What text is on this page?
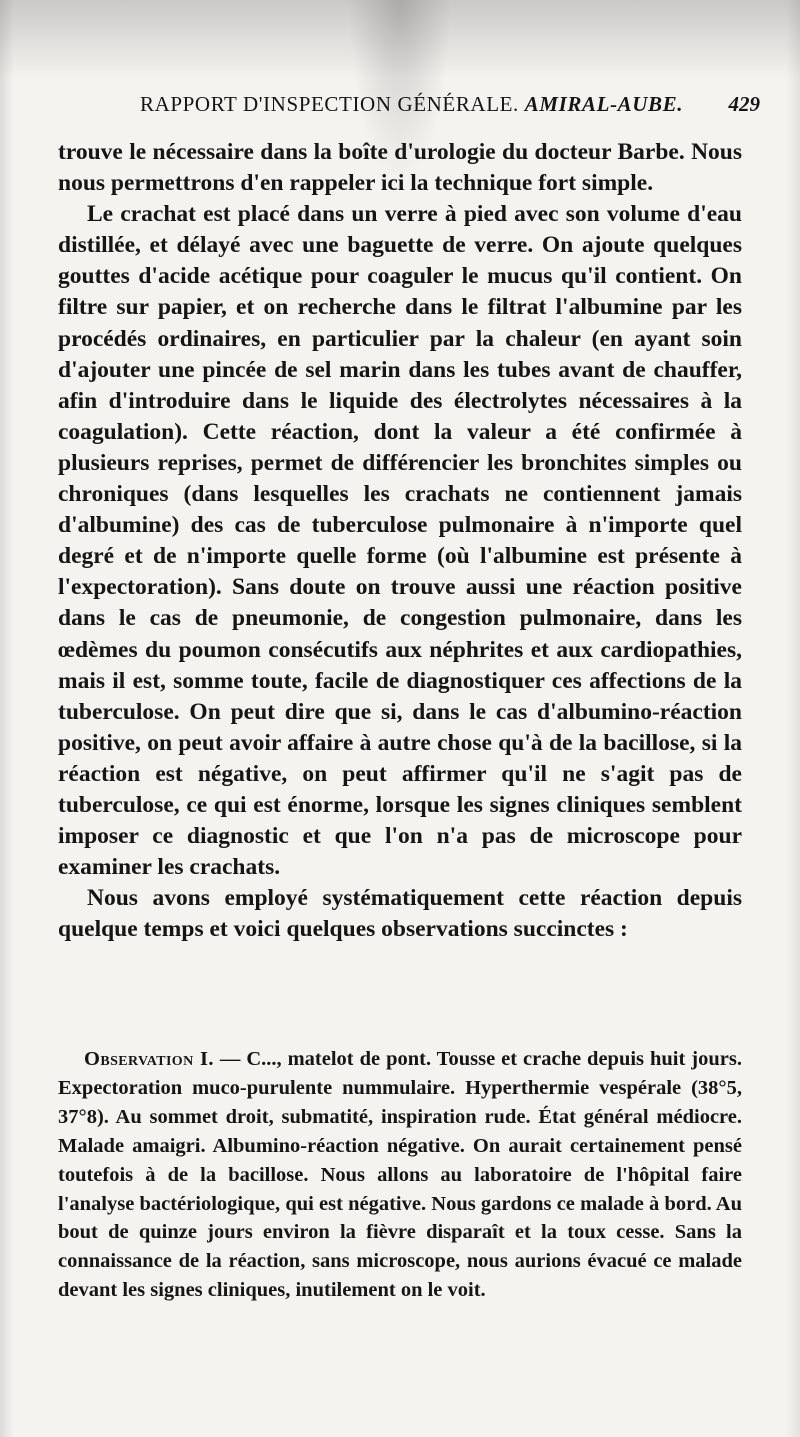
RAPPORT D'INSPECTION GÉNÉRALE. AMIRAL-AUBE. 429

trouve le nécessaire dans la boîte d'urologie du docteur Barbe. Nous nous permettrons d'en rappeler ici la technique fort simple.

Le crachat est placé dans un verre à pied avec son volume d'eau distillée, et délayé avec une baguette de verre. On ajoute quelques gouttes d'acide acétique pour coaguler le mucus qu'il contient. On filtre sur papier, et on recherche dans le filtrat l'albumine par les procédés ordinaires, en particulier par la chaleur (en ayant soin d'ajouter une pincée de sel marin dans les tubes avant de chauffer, afin d'introduire dans le liquide des électrolytes nécessaires à la coagulation). Cette réaction, dont la valeur a été confirmée à plusieurs reprises, permet de différencier les bronchites simples ou chroniques (dans lesquelles les crachats ne contiennent jamais d'albumine) des cas de tuberculose pulmonaire à n'importe quel degré et de n'importe quelle forme (où l'albumine est présente à l'expectoration). Sans doute on trouve aussi une réaction positive dans le cas de pneumonie, de congestion pulmonaire, dans les œdèmes du poumon consécutifs aux néphrites et aux cardiopathies, mais il est, somme toute, facile de diagnostiquer ces affections de la tuberculose. On peut dire que si, dans le cas d'albumino-réaction positive, on peut avoir affaire à autre chose qu'à de la bacillose, si la réaction est négative, on peut affirmer qu'il ne s'agit pas de tuberculose, ce qui est énorme, lorsque les signes cliniques semblent imposer ce diagnostic et que l'on n'a pas de microscope pour examiner les crachats.

Nous avons employé systématiquement cette réaction depuis quelque temps et voici quelques observations succinctes :

Observation I. — C..., matelot de pont. Tousse et crache depuis huit jours. Expectoration muco-purulente nummulaire. Hyperthermie vespérale (38°5, 37°8). Au sommet droit, submatité, inspiration rude. État général médiocre. Malade amaigri. Albumino-réaction négative. On aurait certainement pensé toutefois à de la bacillose. Nous allons au laboratoire de l'hôpital faire l'analyse bactériologique, qui est négative. Nous gardons ce malade à bord. Au bout de quinze jours environ la fièvre disparaît et la toux cesse. Sans la connaissance de la réaction, sans microscope, nous aurions évacué ce malade devant les signes cliniques, inutilement on le voit.
